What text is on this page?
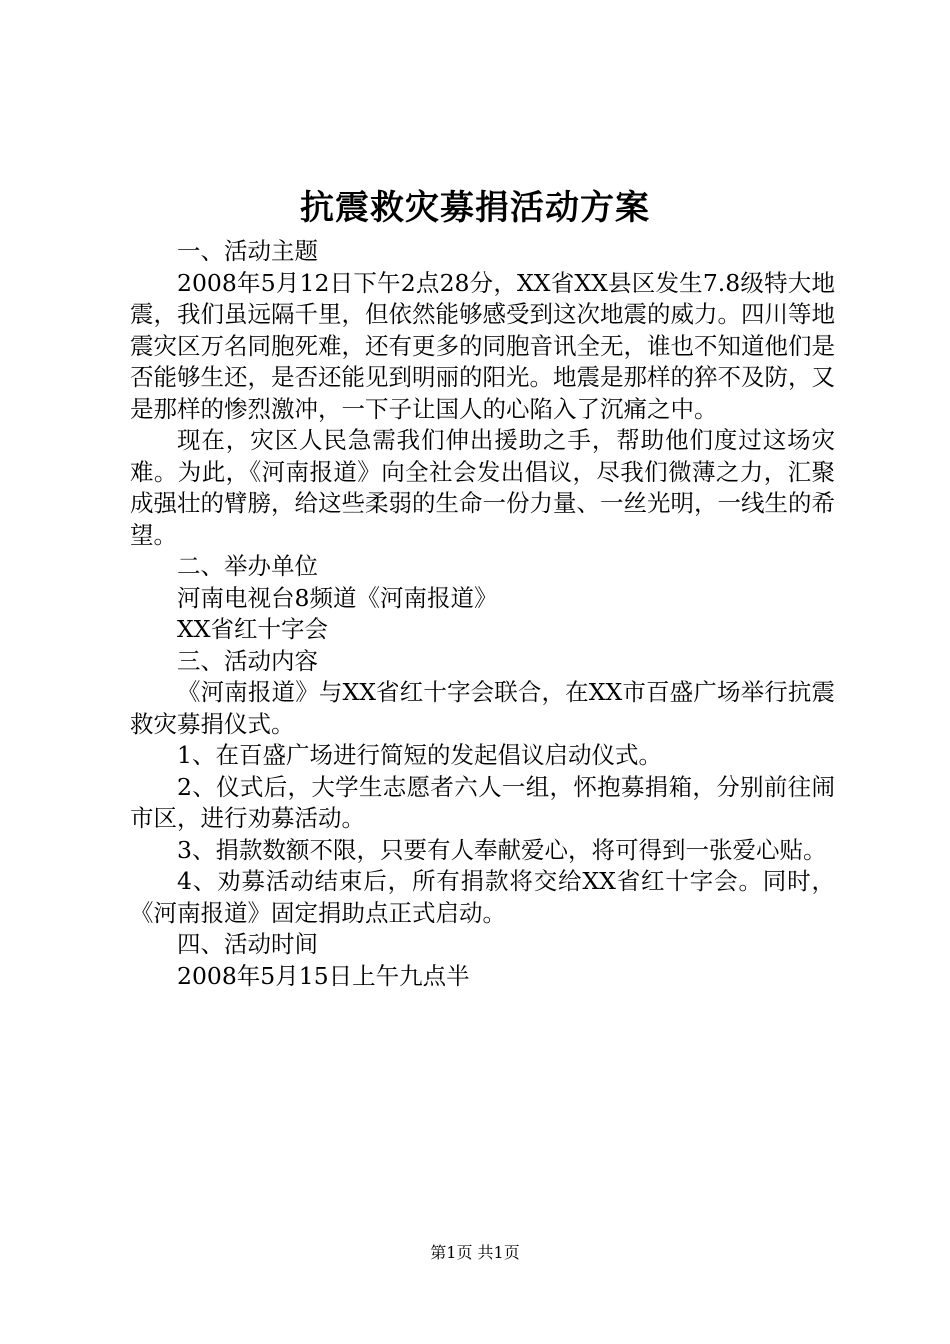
抗震救灾募捐活动方案

一、活动主题

2008年5月12日下午2点28分，XX省XX县区发生7.8级特大地震，我们虽远隔千里，但依然能够感受到这次地震的威力。四川等地震灾区万名同胞死难，还有更多的同胞音讯全无，谁也不知道他们是否能够生还，是否还能见到明丽的阳光。地震是那样的猝不及防，又是那样的惨烈激冲，一下子让国人的心陷入了沉痛之中。

现在，灾区人民急需我们伸出援助之手，帮助他们度过这场灾难。为此，《河南报道》向全社会发出倡议，尽我们微薄之力，汇聚成强壮的臂膀，给这些柔弱的生命一份力量、一丝光明，一线生的希望。

二、举办单位

河南电视台8频道《河南报道》

XX省红十字会

三、活动内容

《河南报道》与XX省红十字会联合，在XX市百盛广场举行抗震救灾募捐仪式。

1、在百盛广场进行简短的发起倡议启动仪式。

2、仪式后，大学生志愿者六人一组，怀抱募捐箱，分别前往闹市区，进行劝募活动。

3、捐款数额不限，只要有人奉献爱心，将可得到一张爱心贴。

4、劝募活动结束后，所有捐款将交给XX省红十字会。同时，《河南报道》固定捐助点正式启动。

四、活动时间

2008年5月15日上午九点半

第1页 共1页
